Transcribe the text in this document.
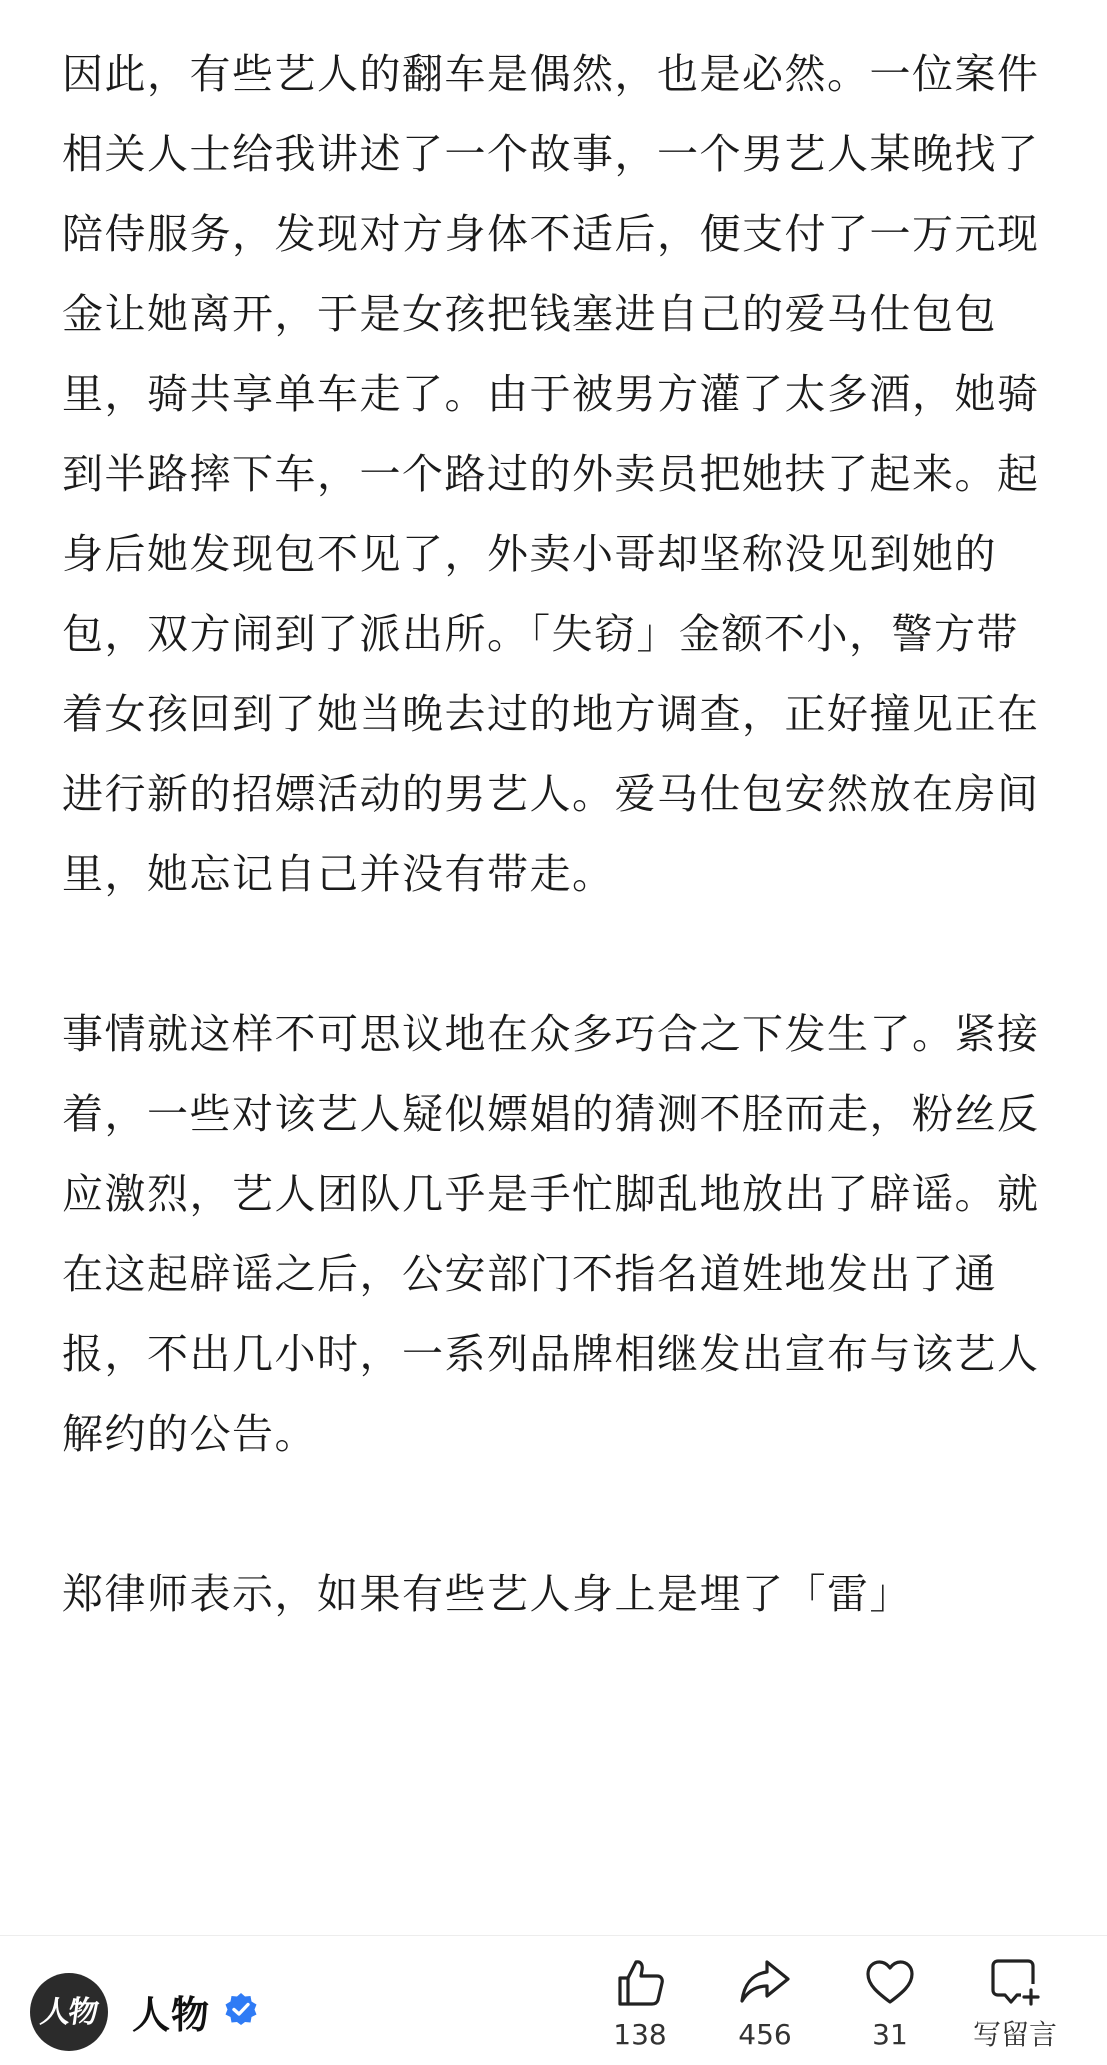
因此，有些艺人的翻车是偶然，也是必然。一位案件相关人士给我讲述了一个故事，一个男艺人某晚找了陪侍服务，发现对方身体不适后，便支付了一万元现金让她离开，于是女孩把钱塞进自己的爱马仕包包里，骑共享单车走了。由于被男方灌了太多酒，她骑到半路摔下车，一个路过的外卖员把她扶了起来。起身后她发现包不见了，外卖小哥却坚称没见到她的包，双方闹到了派出所。「失窃」金额不小，警方带着女孩回到了她当晚去过的地方调查，正好撞见正在进行新的招嫖活动的男艺人。爱马仕包安然放在房间里，她忘记自己并没有带走。

事情就这样不可思议地在众多巧合之下发生了。紧接着，一些对该艺人疑似嫖娼的猜测不胫而走，粉丝反应激烈，艺人团队几乎是手忙脚乱地放出了辟谣。就在这起辟谣之后，公安部门不指名道姓地发出了通报，不出几小时，一系列品牌相继发出宣布与该艺人解约的公告。

郑律师表示，如果有些艺人身上是埋了「雷」

人物 人物	138	456	31	写留言
